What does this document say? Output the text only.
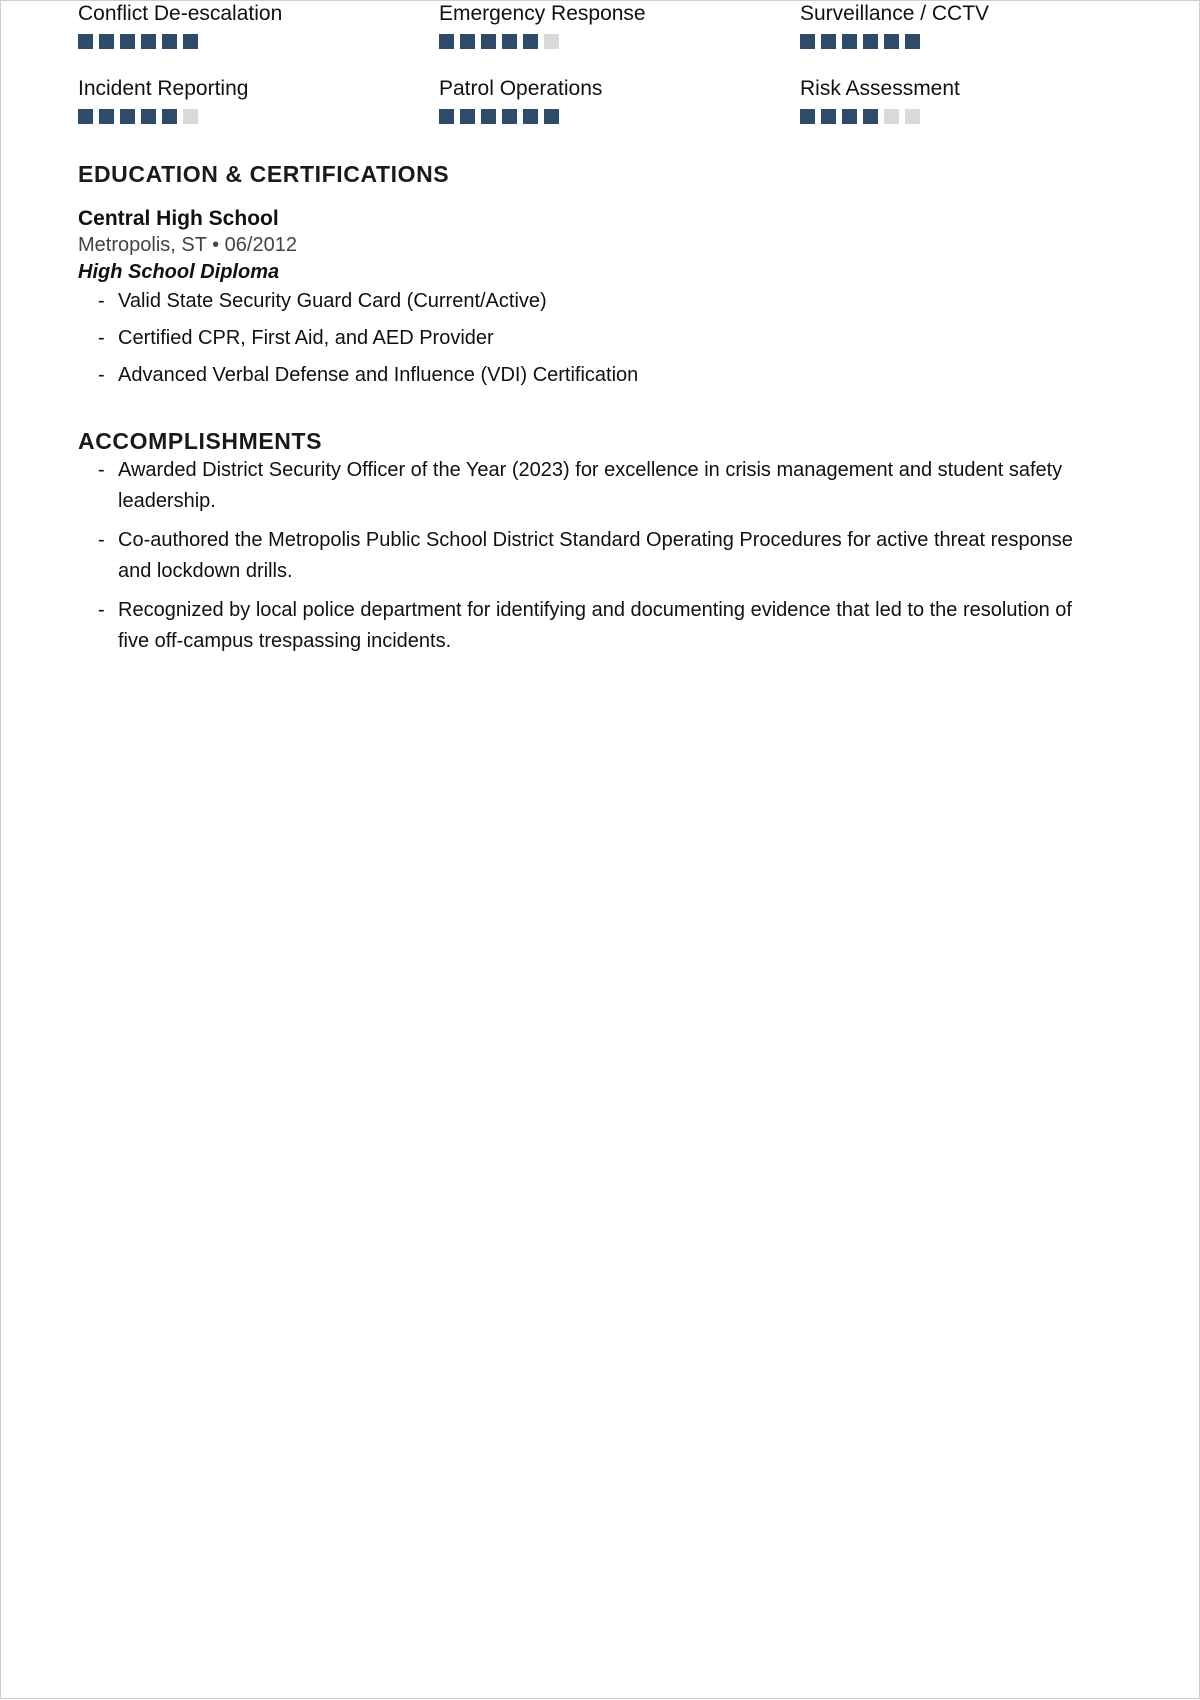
Conflict De-escalation	Emergency Response	Surveillance / CCTV
Incident Reporting	Patrol Operations	Risk Assessment
EDUCATION & CERTIFICATIONS
Central High School
Metropolis, ST • 06/2012
High School Diploma
- Valid State Security Guard Card (Current/Active)
- Certified CPR, First Aid, and AED Provider
- Advanced Verbal Defense and Influence (VDI) Certification
ACCOMPLISHMENTS
- Awarded District Security Officer of the Year (2023) for excellence in crisis management and student safety leadership.
- Co-authored the Metropolis Public School District Standard Operating Procedures for active threat response and lockdown drills.
- Recognized by local police department for identifying and documenting evidence that led to the resolution of five off-campus trespassing incidents.
